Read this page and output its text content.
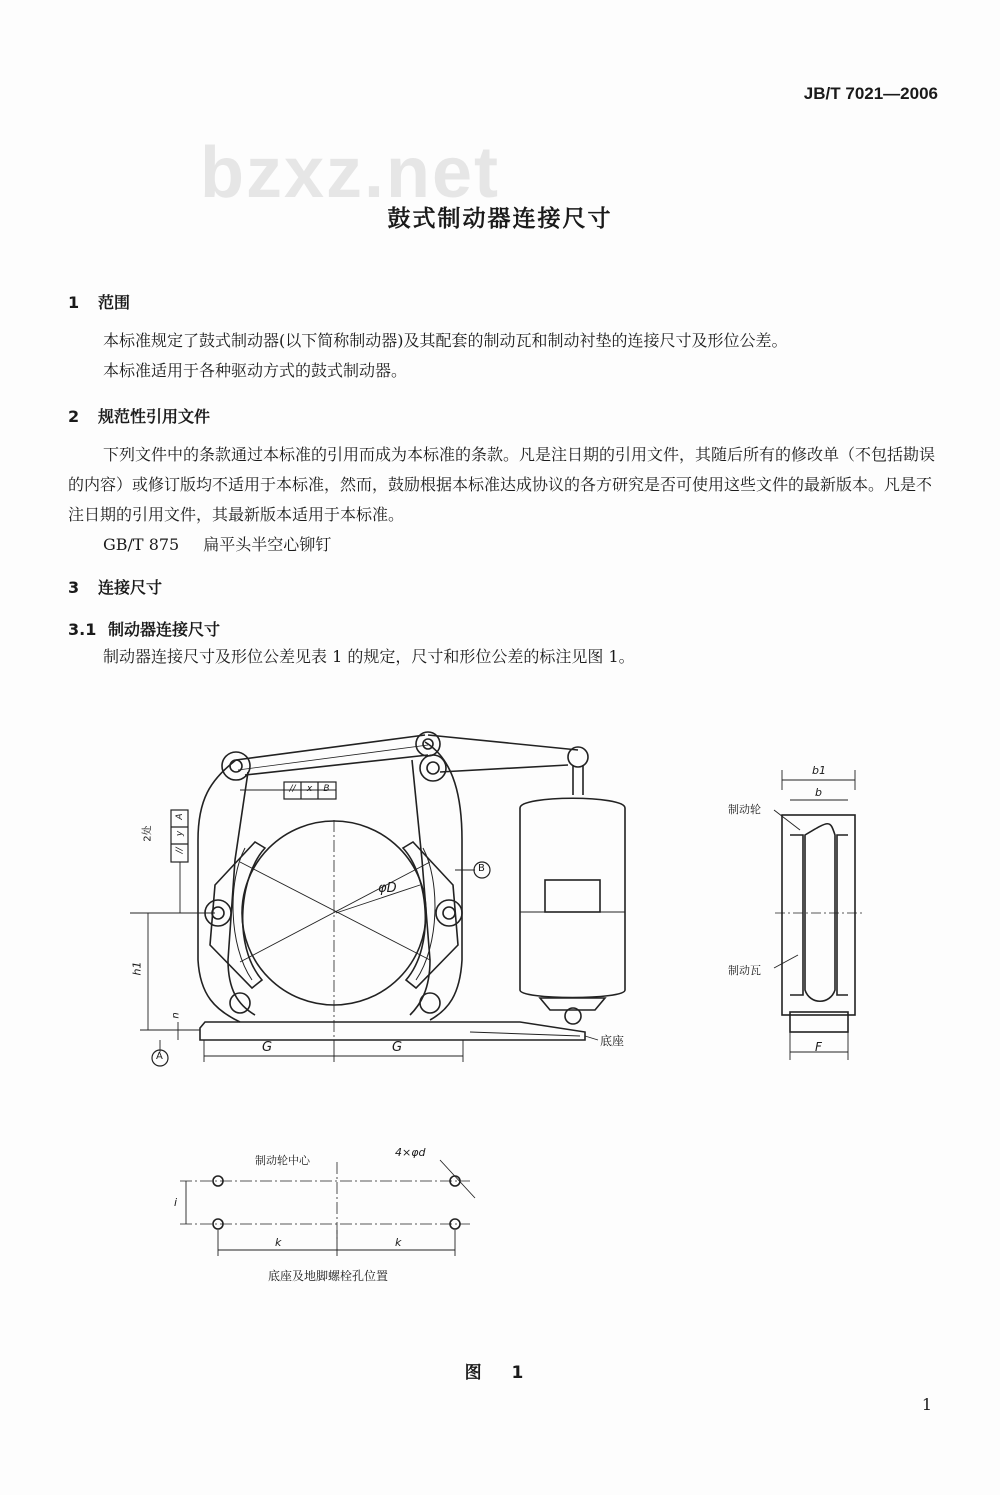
JB/T 7021—2006
bzxz.net
鼓式制动器连接尺寸
1 范围
本标准规定了鼓式制动器(以下简称制动器)及其配套的制动瓦和制动衬垫的连接尺寸及形位公差。
本标准适用于各种驱动方式的鼓式制动器。
2 规范性引用文件
下列文件中的条款通过本标准的引用而成为本标准的条款。凡是注日期的引用文件，其随后所有的修改单（不包括勘误的内容）或修订版均不适用于本标准，然而，鼓励根据本标准达成协议的各方研究是否可使用这些文件的最新版本。凡是不注日期的引用文件，其最新版本适用于本标准。
GB/T 875 扁平头半空心铆钉
3 连接尺寸
3.1 制动器连接尺寸
制动器连接尺寸及形位公差见表 1 的规定，尺寸和形位公差的标注见图 1。
φD
G	G
h1
n
A
B
//	x	B
//
y
A
2处
底座
制动轮
制动瓦
b1
b
F
制动轮中心
4×φd
k	k
i
底座及地脚螺栓孔位置
图 1
1
